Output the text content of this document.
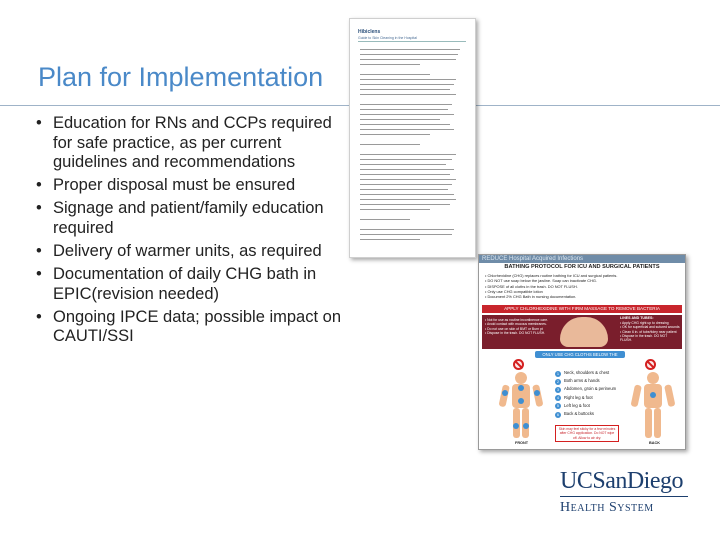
Plan for Implementation
• Education for RNs and CCPs required for safe practice, as per current guidelines and recommendations
• Proper disposal must be ensured
• Signage and patient/family education required
• Delivery of warmer units, as required
• Documentation of daily CHG bath in EPIC(revision needed)
• Ongoing IPCE data; possible impact on CAUTI/SSI
Hibiclens
Guide to Skin Cleaning in the Hospital
REDUCE Hospital Acquired Infections
BATHING PROTOCOL FOR ICU AND SURGICAL PATIENTS
• Chlorhexidine (CHG) replaces routine bathing for ICU and surgical patients.
• DO NOT use soap below the jawline. Soap can inactivate CHG.
• DISPOSE of all cloths in the trash. DO NOT FLUSH.
• Only use CHG compatible lotion
• Document 2% CHG Bath in nursing documentation.
APPLY CHLORHEXIDINE WITH FIRM MASSAGE TO REMOVE BACTERIA
• Not for use as routine incontinence care.
• Avoid contact with mucous membranes.
• Do not use on skin of BMT or Burn pt
• Dispose in the trash. DO NOT FLUSH.
LINES AND TUBES:
• Apply CHG right up to dressing
• OK for superficial and sutured wounds
• Clean 6 in. of tube/foley near patient
• Dispose in the trash. DO NOT FLUSH.
ONLY USE CHG CLOTHS BELOW THE JAWLINE
FRONT
1	Neck, shoulders & chest
2	Both arms & hands
3	Abdomen, groin & perineum
4	Right leg & foot
5	Left leg & foot
6	Back & buttocks
Skin may feel sticky for a few minutes after CHG application. Do NOT wipe off. Allow to air dry.
BACK
UCSanDiego
Health System
